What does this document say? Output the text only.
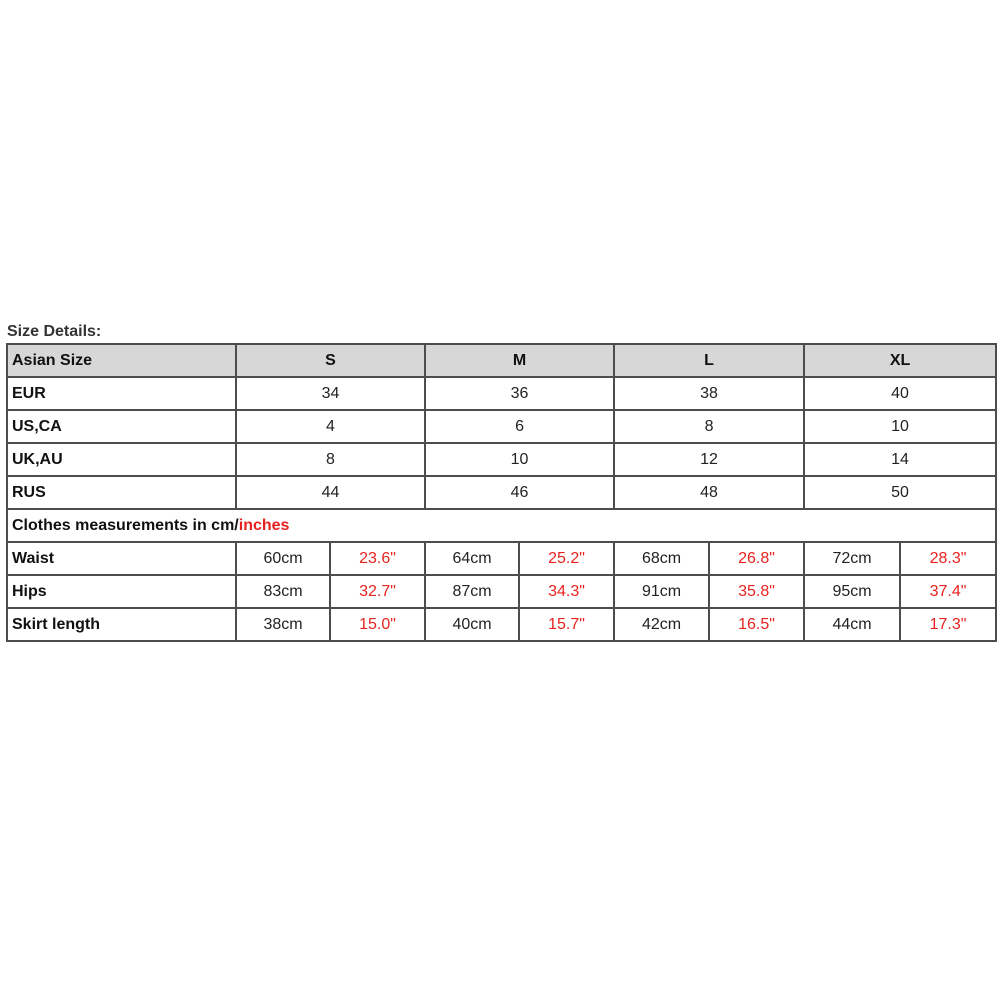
Size Details:
Asian Size	S		M		L		XL	
EUR	34		36		38		40	
US,CA	4		6		8		10	
UK,AU	8		10		12		14	
RUS	44		46		48		50	
Clothes measurements in cm/inches								
Waist	60cm	23.6"	64cm	25.2"	68cm	26.8"	72cm	28.3"
Hips	83cm	32.7"	87cm	34.3"	91cm	35.8"	95cm	37.4"
Skirt length	38cm	15.0"	40cm	15.7"	42cm	16.5"	44cm	17.3"
